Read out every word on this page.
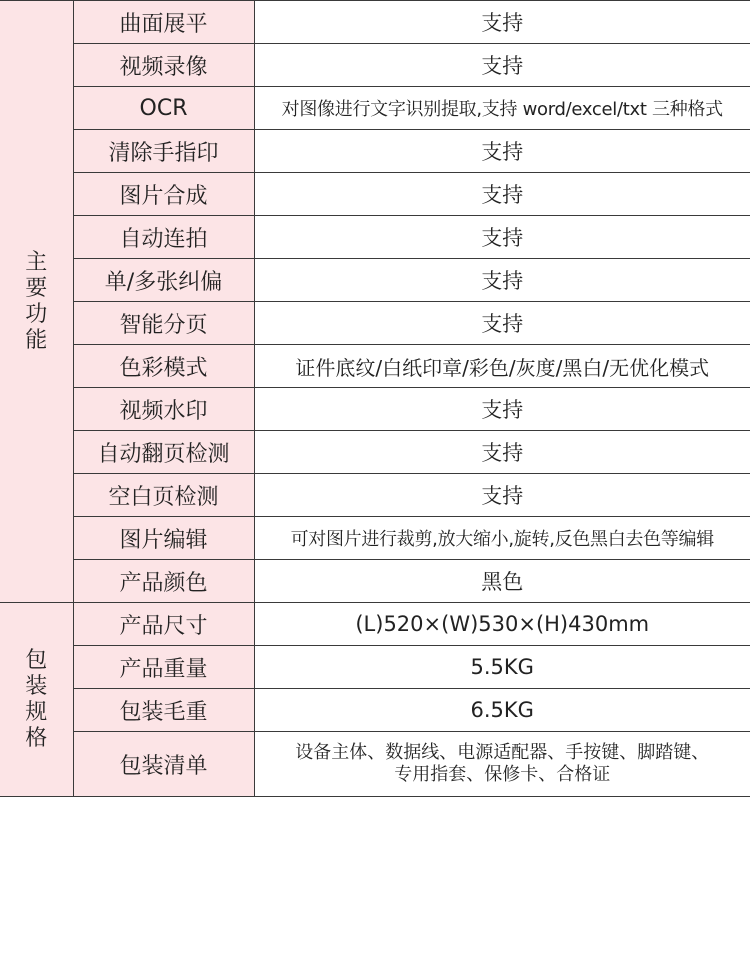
主要功能	曲面展平	支持
	视频录像	支持
	OCR	对图像进行文字识别提取,支持 word/excel/txt 三种格式
	清除手指印	支持
	图片合成	支持
	自动连拍	支持
	单/多张纠偏	支持
	智能分页	支持
	色彩模式	证件底纹/白纸印章/彩色/灰度/黑白/无优化模式
	视频水印	支持
	自动翻页检测	支持
	空白页检测	支持
	图片编辑	可对图片进行裁剪,放大缩小,旋转,反色黑白去色等编辑
	产品颜色	黑色
包装规格	产品尺寸	(L)520×(W)530×(H)430mm
	产品重量	5.5KG
	包装毛重	6.5KG
	包装清单	设备主体、数据线、电源适配器、手按键、脚踏键、
专用指套、保修卡、合格证
